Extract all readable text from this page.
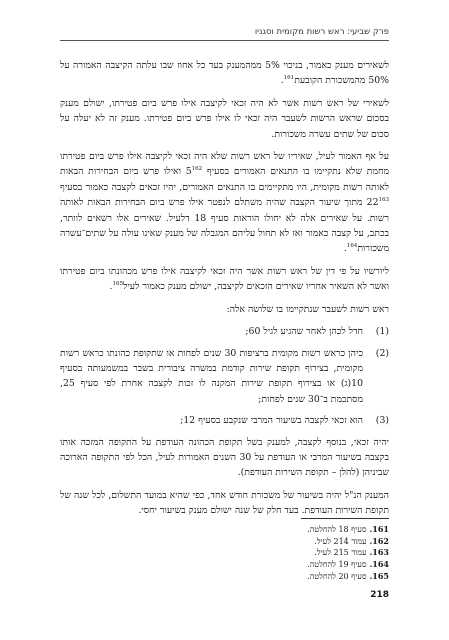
פרק שביעי: ראש רשות מקומית וסגניו

לשאירים מענק כאמור, בניכוי 5% ממהמענק בעד כל אחוז שבו עלתה הקיצבה האמורה על 50% מהמשכורת הקובעת$^{161}$.

לשאירי של ראש רשות אשר לא היה זכאי לקיצבה אילו פרש ביום פטירתו, ישולם מענק בסכום שראש הרשות לשעבר היה זכאי לו אילו פרש ביום פטירתו. מענק זה לא יעלה על סכום של שתים עשרה משכורות.

על אף האמור לעיל, שאיריו של ראש רשות שלא היה זכאי לקיצבה אילו פרש ביום פטירתו מחמת שלא נתקיימו בו התנאים האמורים בסעיף $5^{162}$ ואילו פרש ביום הבחירות הבאות לאותה רשות מקומית, היו מתקיימים בו התנאים האמורים, יהיו זכאים לקצבה כאמור בסעיף $22^{163}$ מתוך שיעור הקצבה שהיה משתלם לנפטר אילו פרש ביום הבחירות הבאות לאותה רשות. על שאירים אלה לא יחולו הוראות סעיף 18 דלעיל. שאירים אלו רשאים לוותר, בכתב, על קצבה כאמור ואז לא תחול עליהם המגבלה של מענק שאינו עולה על שתים־עשרה משכורות$^{164}$.

ליורשיו על פי דין של ראש רשות אשר היה זכאי לקיצבה אילו פרש מכהונתו ביום פטירתו ואשר לא השאיר אחריו שאירים הזכאים לקיצבה, ישולם מענק כאמור לעיל$^{165}$.

ראש רשות לשעבר שנתקיימו בו שלושה אלה:

(1)
חדל לכהן לאחר שהגיע לגיל 60;
(2)
כיהן כראש רשות מקומית ברציפות 30 שנים לפחות או שתקופת כהונתו כראש רשות מקומית, בצירוף תקופת שירות קודמת במשרה ציבורית בשבר במשמעותה בסעיף 10(ג) או בצירוף תקופת שירות המקנה לו זכות לקצבה אחרת לפי סעיף 25, מסתכמת ב־30 שנים לפחות;
(3)
הוא זכאי לקצבה בשיעור המרבי שנקבע בסעיף 12;

יהיה זכאי, בנוסף לקצבה, למענק בשל תקופת הכהונה העודפת על התקופה המזכה אותו בקצבה בשיעור המרבי או העודפת על 30 השנים האמורות לעיל, הכל לפי התקופה הארוכה שביניהן (להלן – תקופת השירות העודפת).

המענק הנ"ל יהיה בשיעור של משכורת חודש אחד, כפי שהיא במועד התשלום, לכל שנה של תקופת השירות העודפת. בעד חלק של שנה ישולם מענק בשיעור יחסי.

161.
סעיף 18 להחלטה.
162.
עמוד 214 לעיל.
163.
עמוד 215 לעיל.
164.
סעיף 19 להחלטה.
165.
סעיף 20 להחלטה.
218
